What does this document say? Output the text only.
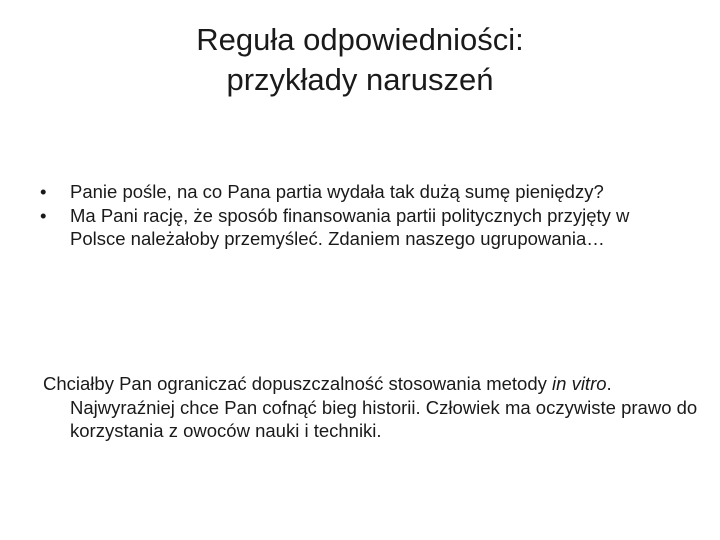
Reguła odpowiedniości:
przykłady naruszeń
•	Panie pośle, na co Pana partia wydała tak dużą sumę pieniędzy?
•	Ma Pani rację, że sposób finansowania partii politycznych przyjęty w Polsce należałoby przemyśleć. Zdaniem naszego ugrupowania…

Chciałby Pan ograniczać dopuszczalność stosowania metody in vitro. Najwyraźniej chce Pan cofnąć bieg historii. Człowiek ma oczywiste prawo do korzystania z owoców nauki i techniki.
